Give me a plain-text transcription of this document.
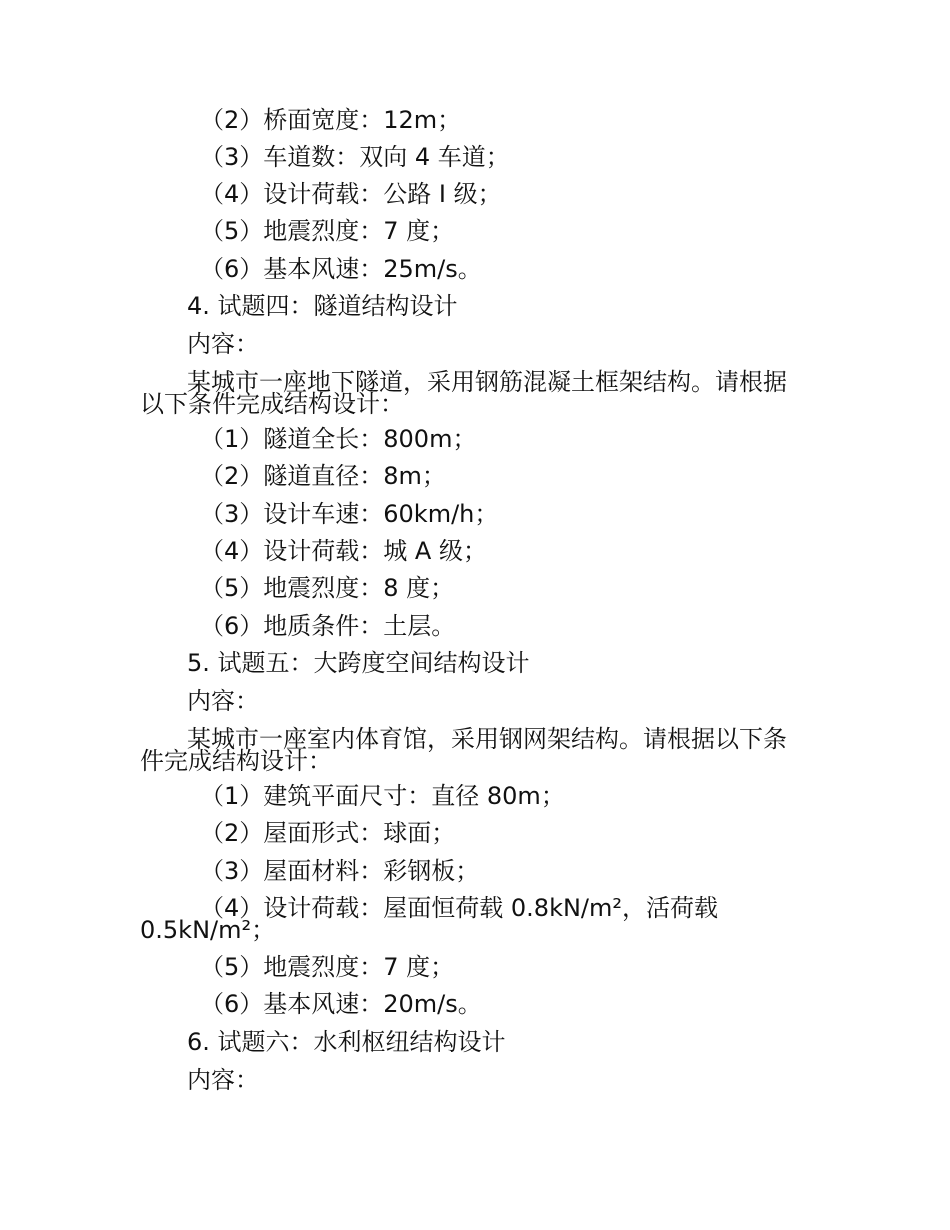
（2）桥面宽度：12m；
（3）车道数：双向 4 车道；
（4）设计荷载：公路 I 级；
（5）地震烈度：7 度；
（6）基本风速：25m/s。
4. 试题四：隧道结构设计
内容：
某城市一座地下隧道，采用钢筋混凝土框架结构。请根据
以下条件完成结构设计：
（1）隧道全长：800m；
（2）隧道直径：8m；
（3）设计车速：60km/h；
（4）设计荷载：城 A 级；
（5）地震烈度：8 度；
（6）地质条件：土层。
5. 试题五：大跨度空间结构设计
内容：
某城市一座室内体育馆，采用钢网架结构。请根据以下条
件完成结构设计：
（1）建筑平面尺寸：直径 80m；
（2）屋面形式：球面；
（3）屋面材料：彩钢板；
（4）设计荷载：屋面恒荷载 0.8kN/m²，活荷载
0.5kN/m²；
（5）地震烈度：7 度；
（6）基本风速：20m/s。
6. 试题六：水利枢纽结构设计
内容：
